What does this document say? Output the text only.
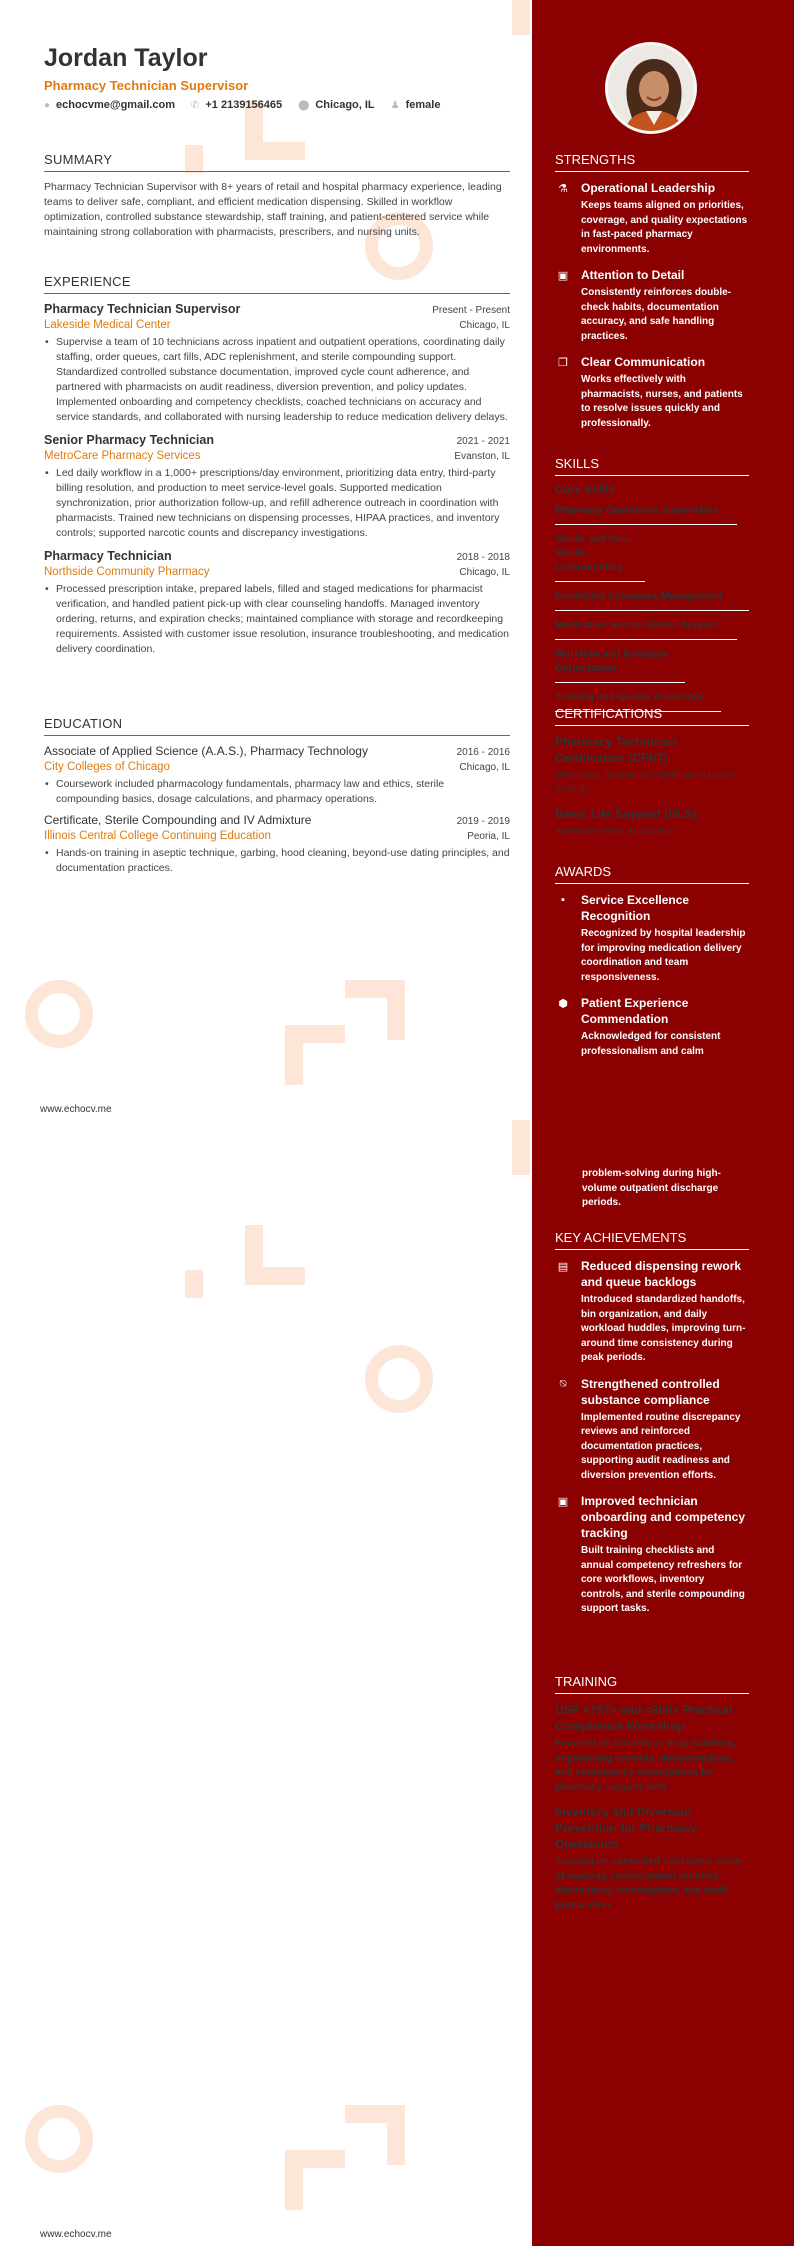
Jordan Taylor
Pharmacy Technician Supervisor
● echocvme@gmail.com ✆ +1 2139156465 ⬤ Chicago, IL ♟ female
SUMMARY
Pharmacy Technician Supervisor with 8+ years of retail and hospital pharmacy experience, leading teams to deliver safe, compliant, and efficient medication dispensing. Skilled in workflow optimization, controlled substance stewardship, staff training, and patient-centered service while maintaining strong collaboration with pharmacists, prescribers, and nursing units.
EXPERIENCE
Pharmacy Technician Supervisor	Present - Present
Lakeside Medical Center	Chicago, IL
• Supervise a team of 10 technicians across inpatient and outpatient operations, coordinating daily staffing, order queues, cart fills, ADC replenishment, and sterile compounding support. Standardized controlled substance documentation, improved cycle count adherence, and partnered with pharmacists on audit readiness, diversion prevention, and policy updates. Implemented onboarding and competency checklists, coached technicians on accuracy and service standards, and collaborated with nursing leadership to reduce medication delivery delays.
Senior Pharmacy Technician	2021 - 2021
MetroCare Pharmacy Services	Evanston, IL
• Led daily workflow in a 1,000+ prescriptions/day environment, prioritizing data entry, third-party billing resolution, and production to meet service-level goals. Supported medication synchronization, prior authorization follow-up, and refill adherence outreach in coordination with pharmacists. Trained new technicians on dispensing processes, HIPAA practices, and inventory controls; supported narcotic counts and discrepancy investigations.
Pharmacy Technician	2018 - 2018
Northside Community Pharmacy	Chicago, IL
• Processed prescription intake, prepared labels, filled and staged medications for pharmacist verification, and handled patient pick-up with clear counseling handoffs. Managed inventory ordering, returns, and expiration checks; maintained compliance with storage and recordkeeping requirements. Assisted with customer issue resolution, insurance troubleshooting, and medication delivery coordination.
EDUCATION
Associate of Applied Science (A.A.S.), Pharmacy Technology	2016 - 2016
City Colleges of Chicago	Chicago, IL
• Coursework included pharmacology fundamentals, pharmacy law and ethics, sterile compounding basics, dosage calculations, and pharmacy operations.
Certificate, Sterile Compounding and IV Admixture	2019 - 2019
Illinois Central College Continuing Education	Peoria, IL
• Hands-on training in aseptic technique, garbing, hood cleaning, beyond-use dating principles, and documentation practices.
www.echocv.me
www.echocv.me
STRENGTHS
⚗ Operational Leadership
Keeps teams aligned on priorities, coverage, and quality expectations in fast-paced pharmacy environments.
▣ Attention to Detail
Consistently reinforces double-check habits, documentation accuracy, and safe handling practices.
❐ Clear Communication
Works effectively with pharmacists, nurses, and patients to resolve issues quickly and professionally.
SKILLS
Core Skills
Pharmacy Operations Supervision
Sterile and Non-Sterile Compounding
Controlled Substance Management
Medication Reconciliation Support
Workflow and Inventory Optimization
Training and Quality Assurance
CERTIFICATIONS
Pharmacy Technician Certification (CPhT)
Pharmacy Technician Certification Board (PTCB)
Basic Life Support (BLS)
American Heart Association
AWARDS
▪	Service Excellence Recognition
Recognized by hospital leadership for improving medication delivery coordination and team responsiveness.
⬢ Patient Experience Commendation
Acknowledged for consistent professionalism and calm
problem-solving during high-volume outpatient discharge periods.
KEY ACHIEVEMENTS
▤ Reduced dispensing rework and queue backlogs
Introduced standardized handoffs, bin organization, and daily workload huddles, improving turn-around time consistency during peak periods.
⍉	Strengthened controlled substance compliance
Implemented routine discrepancy reviews and reinforced documentation practices, supporting audit readiness and diversion prevention efforts.
▣ Improved technician onboarding and competency tracking
Built training checklists and annual competency refreshers for core workflows, inventory controls, and sterile compounding support tasks.
TRAINING
USP <797> and <800> Practical Compliance Workshop
Focused on hazardous drug handling, engineering controls, documentation, and competency expectations for pharmacy support staff.
Inventory and Diversion Prevention for Pharmacy Operations
Training on controlled substance chain-of-custody, reconciliation routines, discrepancy investigation, and audit preparation.
